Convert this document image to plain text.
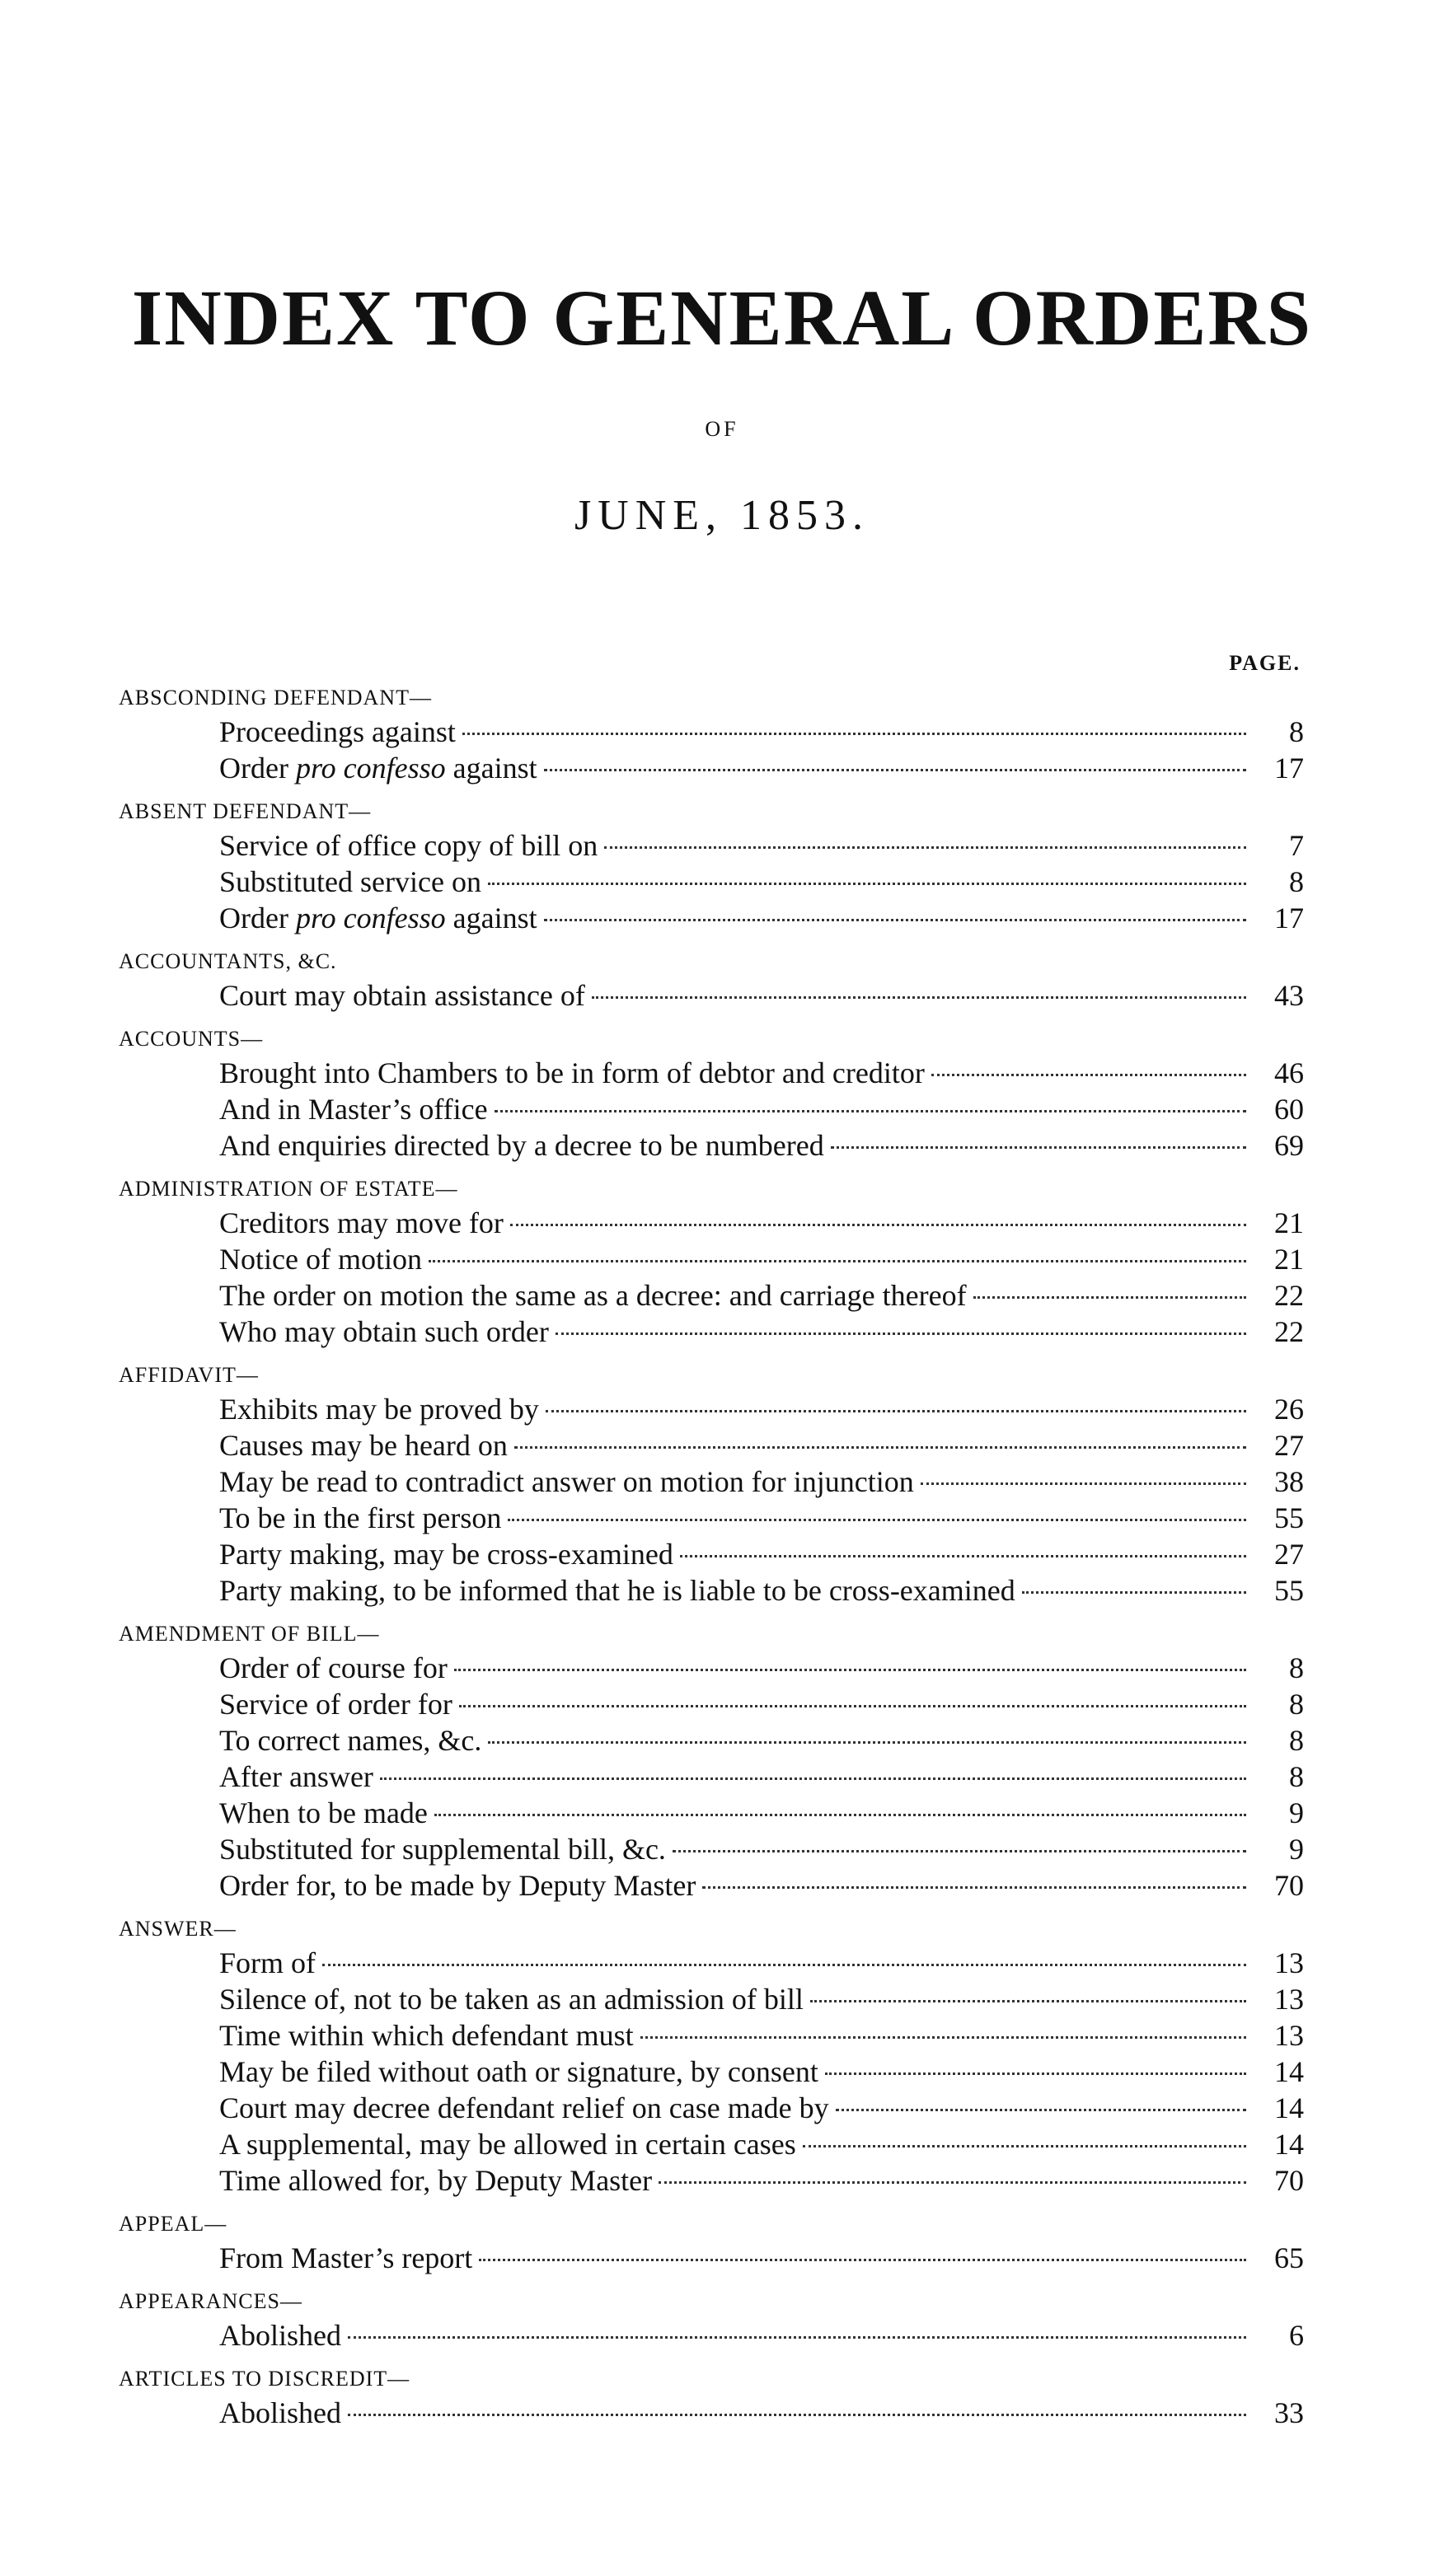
INDEX TO GENERAL ORDERS
OF
JUNE, 1853.
PAGE.
ABSCONDING DEFENDANT—
Proceedings against	8
Order pro confesso against	17
ABSENT DEFENDANT—
Service of office copy of bill on	7
Substituted service on	8
Order pro confesso against	17
ACCOUNTANTS, &C.
Court may obtain assistance of	43
ACCOUNTS—
Brought into Chambers to be in form of debtor and creditor	46
And in Master’s office	60
And enquiries directed by a decree to be numbered	69
ADMINISTRATION OF ESTATE—
Creditors may move for	21
Notice of motion	21
The order on motion the same as a decree: and carriage thereof	22
Who may obtain such order	22
AFFIDAVIT—
Exhibits may be proved by	26
Causes may be heard on	27
May be read to contradict answer on motion for injunction	38
To be in the first person	55
Party making, may be cross-examined	27
Party making, to be informed that he is liable to be cross-examined	55
AMENDMENT OF BILL—
Order of course for	8
Service of order for	8
To correct names, &c.	8
After answer	8
When to be made	9
Substituted for supplemental bill, &c.	9
Order for, to be made by Deputy Master	70
ANSWER—
Form of	13
Silence of, not to be taken as an admission of bill	13
Time within which defendant must	13
May be filed without oath or signature, by consent	14
Court may decree defendant relief on case made by	14
A supplemental, may be allowed in certain cases	14
Time allowed for, by Deputy Master	70
APPEAL—
From Master’s report	65
APPEARANCES—
Abolished	6
ARTICLES TO DISCREDIT—
Abolished	33
